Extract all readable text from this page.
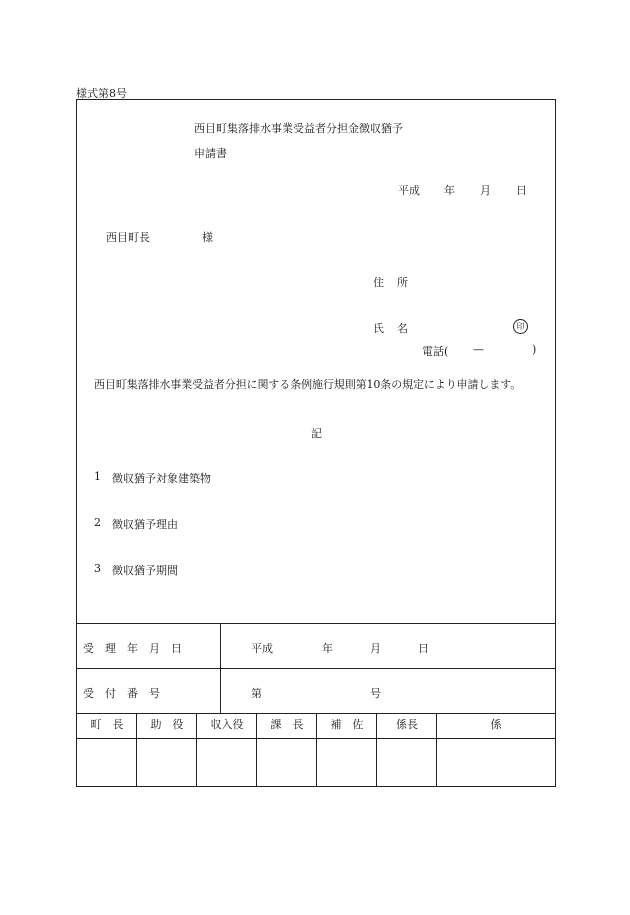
様式第8号
西目町集落排水事業受益者分担金徴収猶予
申請書
平成 年 月 日
西目町長	様
住 所
氏 名	印
電話( —	)
西目町集落排水事業受益者分担に関する条例施行規則第10条の規定により申請します。
記
1 徴収猶予対象建築物
2 徴収猶予理由
3 徴収猶予期間
受　理　年　月　日	平成	年	月	日
受　付　番　号	第	号
町　長	助　役	収入役	課　長	補　佐	係長	係
